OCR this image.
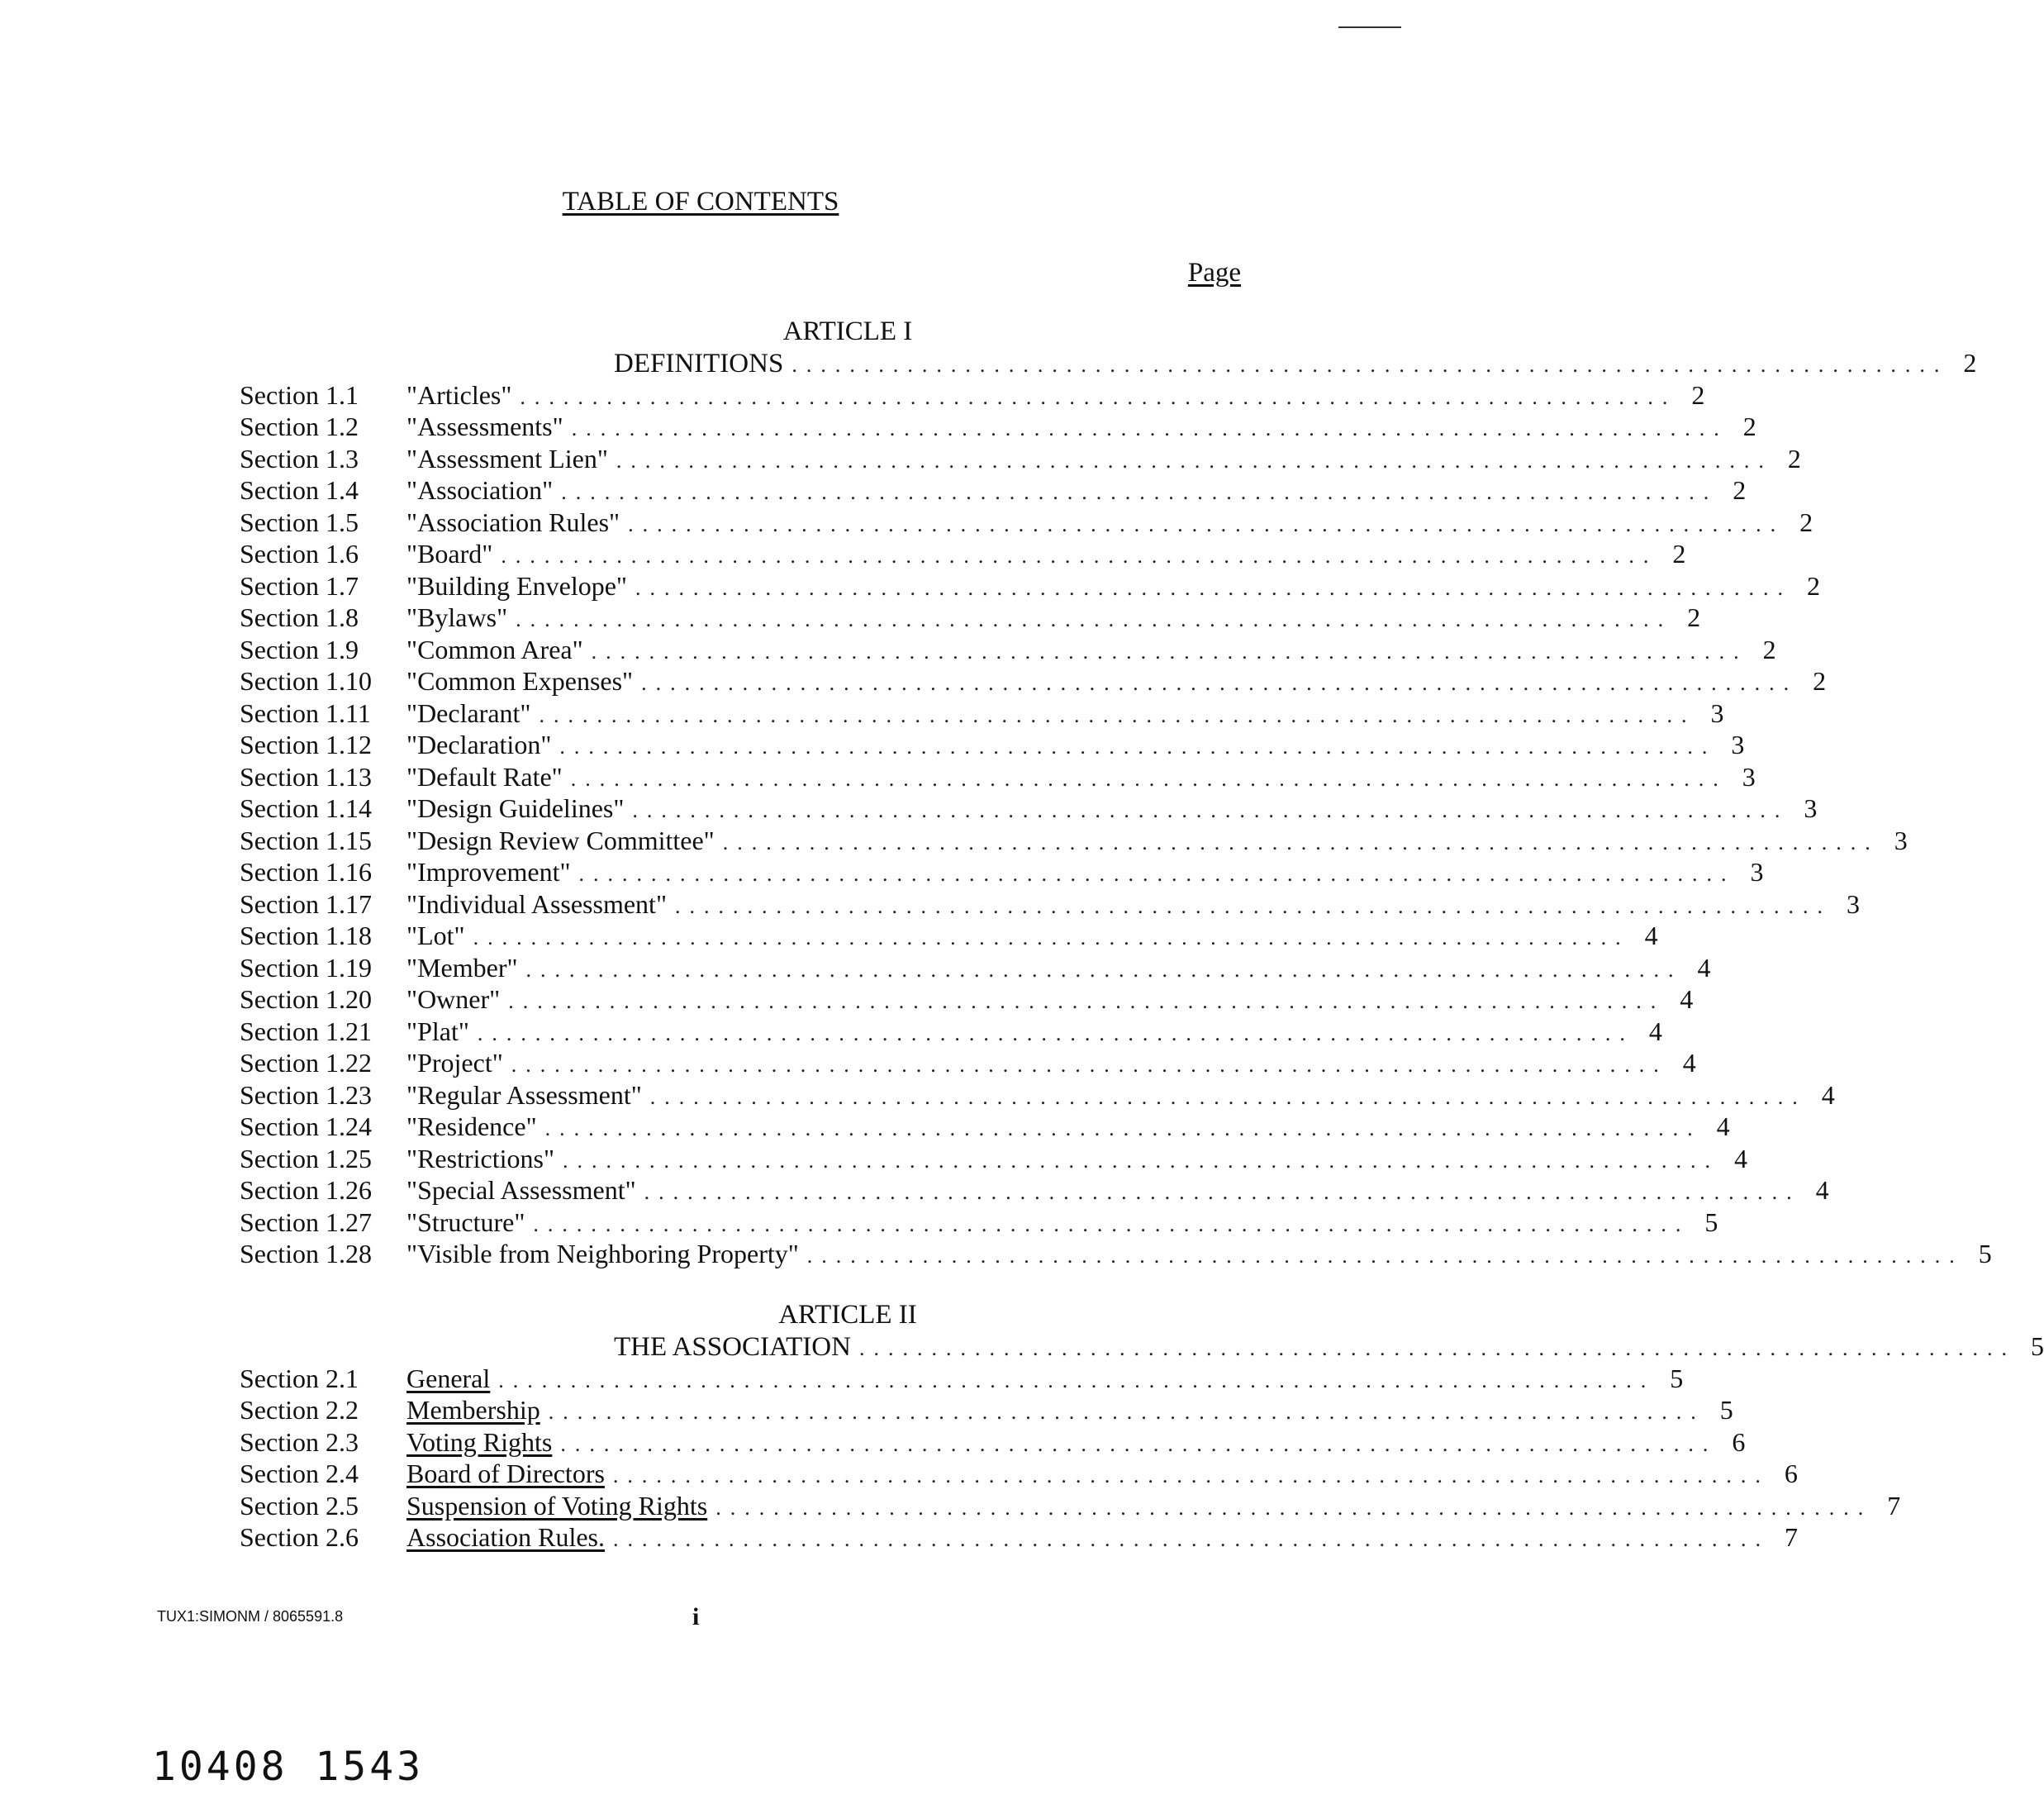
TABLE OF CONTENTS
Page
ARTICLE I
DEFINITIONS ................................................................................ 2
Section 1.1	"Articles" ................................................................................ 2
Section 1.2	"Assessments" ................................................................................ 2
Section 1.3	"Assessment Lien" ................................................................................ 2
Section 1.4	"Association" ................................................................................ 2
Section 1.5	"Association Rules" ................................................................................ 2
Section 1.6	"Board" ................................................................................ 2
Section 1.7	"Building Envelope" ................................................................................ 2
Section 1.8	"Bylaws" ................................................................................ 2
Section 1.9	"Common Area" ................................................................................ 2
Section 1.10	"Common Expenses" ................................................................................ 2
Section 1.11	"Declarant" ................................................................................ 3
Section 1.12	"Declaration" ................................................................................ 3
Section 1.13	"Default Rate" ................................................................................ 3
Section 1.14	"Design Guidelines" ................................................................................ 3
Section 1.15	"Design Review Committee" ................................................................................ 3
Section 1.16	"Improvement" ................................................................................ 3
Section 1.17	"Individual Assessment" ................................................................................ 3
Section 1.18	"Lot" ................................................................................ 4
Section 1.19	"Member" ................................................................................ 4
Section 1.20	"Owner" ................................................................................ 4
Section 1.21	"Plat" ................................................................................ 4
Section 1.22	"Project" ................................................................................ 4
Section 1.23	"Regular Assessment" ................................................................................ 4
Section 1.24	"Residence" ................................................................................ 4
Section 1.25	"Restrictions" ................................................................................ 4
Section 1.26	"Special Assessment" ................................................................................ 4
Section 1.27	"Structure" ................................................................................ 5
Section 1.28	"Visible from Neighboring Property" ................................................................................ 5
ARTICLE II
THE ASSOCIATION ................................................................................ 5
Section 2.1	General ................................................................................ 5
Section 2.2	Membership ................................................................................ 5
Section 2.3	Voting Rights ................................................................................ 6
Section 2.4	Board of Directors ................................................................................ 6
Section 2.5	Suspension of Voting Rights ................................................................................ 7
Section 2.6	Association Rules. ................................................................................ 7
TUX1:SIMONM / 8065591.8	i
10408 1543
